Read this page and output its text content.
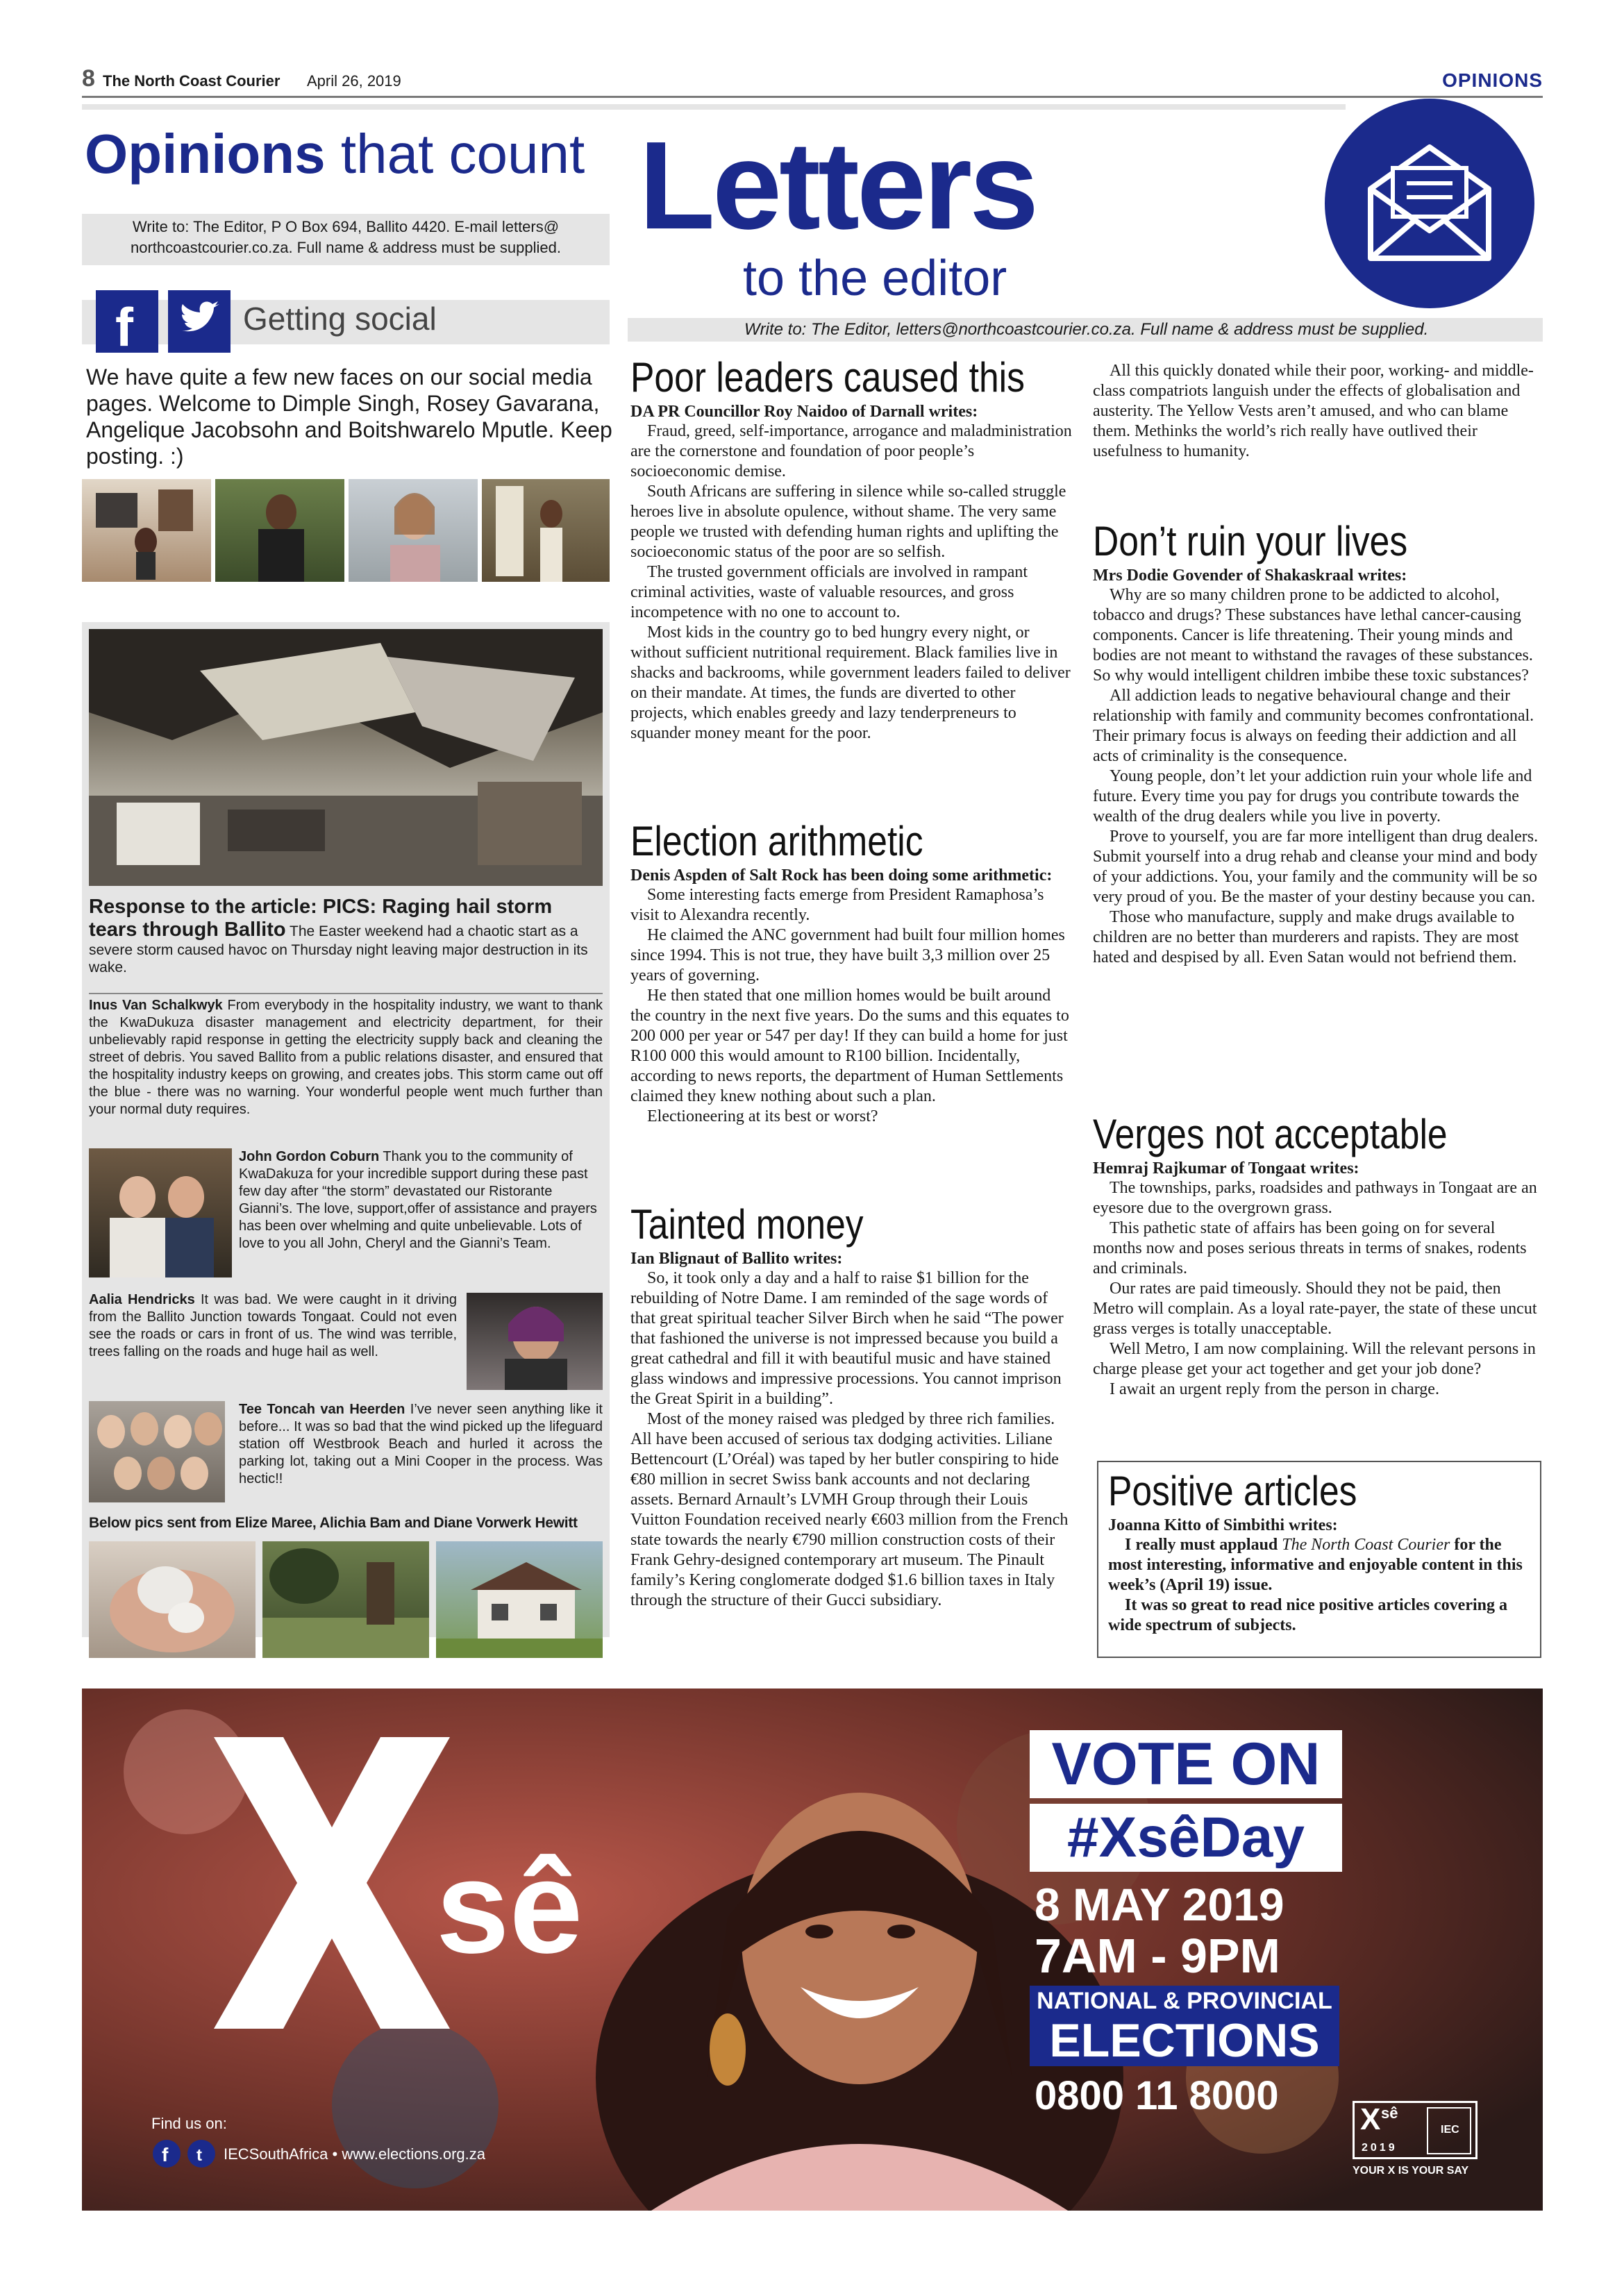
8 The North Coast Courier April 26, 2019	OPINIONS
Opinions that count
Write to: The Editor, P O Box 694, Ballito 4420. E-mail letters@
northcoastcourier.co.za. Full name & address must be supplied.
f	Getting social
We have quite a few new faces on our social media pages. Welcome to Dimple Singh, Rosey Gavarana, Angelique Jacobsohn and Boitshwarelo Mputle. Keep posting. :)
Response to the article: PICS: Raging hail storm tears through Ballito The Easter weekend had a chaotic start as a severe storm caused havoc on Thursday night leaving major destruction in its wake.
Inus Van Schalkwyk From everybody in the hospitality industry, we want to thank the KwaDukuza disaster management and electricity department, for their unbelievably rapid response in getting the electricity supply back and cleaning the street of debris. You saved Ballito from a public relations disaster, and ensured that the hospitality industry keeps on growing, and creates jobs. This storm came out off the blue - there was no warning. Your wonderful people went much further than your normal duty requires.
John Gordon Coburn Thank you to the community of KwaDakuza for your incredible support during these past few day after “the storm” devastated our Ristorante Gianni’s. The love, support,offer of assistance and prayers has been over whelming and quite unbelievable. Lots of love to you all John, Cheryl and the Gianni’s Team.
Aalia Hendricks It was bad. We were caught in it driving from the Ballito Junction towards Tongaat. Could not even see the roads or cars in front of us. The wind was terrible, trees falling on the roads and huge hail as well.
Tee Toncah van Heerden I’ve never seen anything like it before... It was so bad that the wind picked up the lifeguard station off Westbrook Beach and hurled it across the parking lot, taking out a Mini Cooper in the process. Was hectic!!
Below pics sent from Elize Maree, Alichia Bam and Diane Vorwerk Hewitt
Letters
to the editor
Write to: The Editor, letters@northcoastcourier.co.za. Full name & address must be supplied.
Poor leaders caused this
DA PR Councillor Roy Naidoo of Darnall writes:

Fraud, greed, self-importance, arrogance and maladministration are the cornerstone and foundation of poor people’s socioeconomic demise.

South Africans are suffering in silence while so-called struggle heroes live in absolute opulence, without shame. The very same people we trusted with defending human rights and uplifting the socioeconomic status of the poor are so selfish.

The trusted government officials are involved in rampant criminal activities, waste of valuable resources, and gross incompetence with no one to account to.

Most kids in the country go to bed hungry every night, or without sufficient nutritional requirement. Black families live in shacks and backrooms, while government leaders failed to deliver on their mandate. At times, the funds are diverted to other projects, which enables greedy and lazy tenderpreneurs to squander money meant for the poor.

Election arithmetic
Denis Aspden of Salt Rock has been doing some arithmetic:

Some interesting facts emerge from President Ramaphosa’s visit to Alexandra recently.

He claimed the ANC government had built four million homes since 1994. This is not true, they have built 3,3 million over 25 years of governing.

He then stated that one million homes would be built around the country in the next five years. Do the sums and this equates to 200 000 per year or 547 per day! If they can build a home for just R100 000 this would amount to R100 billion. Incidentally, according to news reports, the department of Human Settlements claimed they knew nothing about such a plan.

Electioneering at its best or worst?

Tainted money
Ian Blignaut of Ballito writes:

So, it took only a day and a half to raise $1 billion for the rebuilding of Notre Dame. I am reminded of the sage words of that great spiritual teacher Silver Birch when he said “The power that fashioned the universe is not impressed because you build a great cathedral and fill it with beautiful music and have stained glass windows and impressive processions. You cannot imprison the Great Spirit in a building”.

Most of the money raised was pledged by three rich families. All have been accused of serious tax dodging activities. Liliane Bettencourt (L’Oréal) was taped by her butler conspiring to hide €80 million in secret Swiss bank accounts and not declaring assets. Bernard Arnault’s LVMH Group through their Louis Vuitton Foundation received nearly €603 million from the French state towards the nearly €790 million construction costs of their Frank Gehry-designed contemporary art museum. The Pinault family’s Kering conglomerate dodged $1.6 billion taxes in Italy through the structure of their Gucci subsidiary.

All this quickly donated while their poor, working- and middle-class compatriots languish under the effects of globalisation and austerity. The Yellow Vests aren’t amused, and who can blame them. Methinks the world’s rich really have outlived their usefulness to humanity.

Don’t ruin your lives
Mrs Dodie Govender of Shakaskraal writes:

Why are so many children prone to be addicted to alcohol, tobacco and drugs? These substances have lethal cancer-causing components. Cancer is life threatening. Their young minds and bodies are not meant to withstand the ravages of these substances. So why would intelligent children imbibe these toxic substances?

All addiction leads to negative behavioural change and their relationship with family and community becomes confrontational. Their primary focus is always on feeding their addiction and all acts of criminality is the consequence.

Young people, don’t let your addiction ruin your whole life and future. Every time you pay for drugs you contribute towards the wealth of the drug dealers while you live in poverty.

Prove to yourself, you are far more intelligent than drug dealers. Submit yourself into a drug rehab and cleanse your mind and body of your addictions. You, your family and the community will be so very proud of you. Be the master of your destiny because you can.

Those who manufacture, supply and make drugs available to children are no better than murderers and rapists. They are most hated and despised by all. Even Satan would not befriend them.

Verges not acceptable
Hemraj Rajkumar of Tongaat writes:

The townships, parks, roadsides and pathways in Tongaat are an eyesore due to the overgrown grass.

This pathetic state of affairs has been going on for several months now and poses serious threats in terms of snakes, rodents and criminals.

Our rates are paid timeously. Should they not be paid, then Metro will complain. As a loyal rate-payer, the state of these uncut grass verges is totally unacceptable.

Well Metro, I am now complaining. Will the relevant persons in charge please get your act together and get your job done?

I await an urgent reply from the person in charge.

Positive articles
Joanna Kitto of Simbithi writes:

I really must applaud The North Coast Courier for the most interesting, informative and enjoyable content in this week’s (April 19) issue.

It was so great to read nice positive articles covering a wide spectrum of subjects.

sê
VOTE ON
#XsêDay
8 MAY 2019
7AM - 9PM
NATIONAL & PROVINCIAL
ELECTIONS
0800 11 8000
Find us on:
f t IECSouthAfrica • www.elections.org.za
X sê
2019
IEC
YOUR X IS YOUR SAY
